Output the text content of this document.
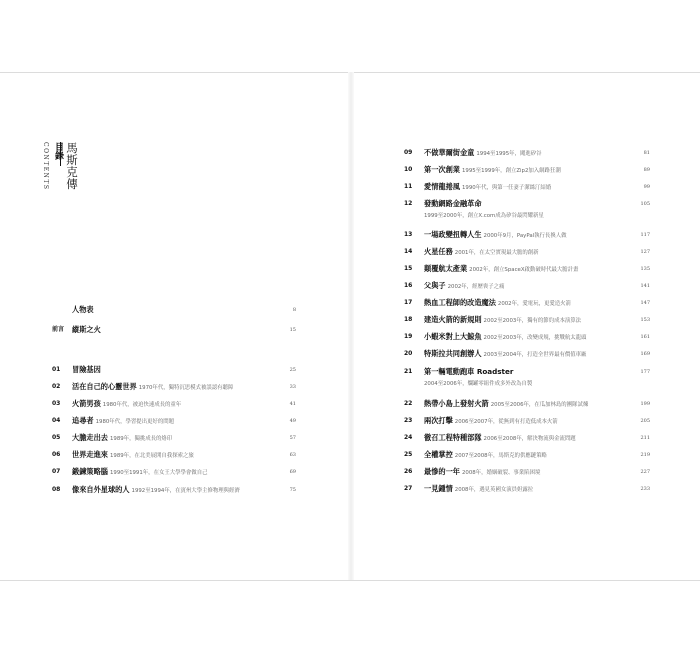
馬斯克傳
目錄
CONTENTS
人物表	8
前言 縱斯之火	15
01 冒險基因	25
02 活在自己的心靈世界 1970年代，獨特沉思模式被誤認有聽障	33
03 火箭男孩 1980年代，被迫快速成長的童年	41
04 追尋者 1980年代，學習提出更好的問題	49
05 大膽走出去 1989年，獨挑成長的烙印	57
06 世界走進來 1989年，在北美展開自我探索之旅	63
07 鍛鍊策略腦 1990至1991年，在女王大學學會做自己	69
08 像來自外星球的人 1992至1994年，在賓州大學主修物理與經濟	75
09 不做華爾街金童 1994至1995年，闖進矽谷	81
10 第一次創業 1995至1999年，創立Zip2加入網路狂潮	89
11 愛情龍捲風 1990年代，與第一任妻子潔絲汀結婚	99
12 發動網路金融革命	105
1999至2000年，創立X.com成為矽谷最閃耀新星
13 一場政變扭轉人生 2000年9月，PayPal執行長換人做	117
14 火星任務 2001年，在太空實現最大膽的創新	127
15 顛覆航太產業 2002年，創立SpaceX啟動破時代最大膽計畫	135
16 父與子 2002年，經歷喪子之痛	141
17 熱血工程師的改造魔法 2002年，愛電玩，更愛造火箭	147
18 建造火箭的新規則 2002至2003年，獨有的節約成本演算法	153
19 小蝦米對上大鯨魚 2002至2003年，改變成規，挑戰航太龍頭	161
20 特斯拉共同創辦人 2003至2004年，打造全世界最有價值車廠	169
21 第一輛電動跑車 Roadster	177
2004至2006年，爛罐零組件成多外改為自製
22 熱帶小島上發射火箭 2005至2006年，在瓜加林島的團隊試煉	199
23 兩次打擊 2006至2007年，從無到有打造低成本火箭	205
24 徹召工程特種部隊 2006至2008年，解決物流與金流問題	211
25 全權掌控 2007至2008年，馬斯克的供應鏈策略	219
26 最慘的一年 2008年，婚姻破裂、事業陷困境	227
27 一見鍾情 2008年，遇見英國女演員妲露拉	233
